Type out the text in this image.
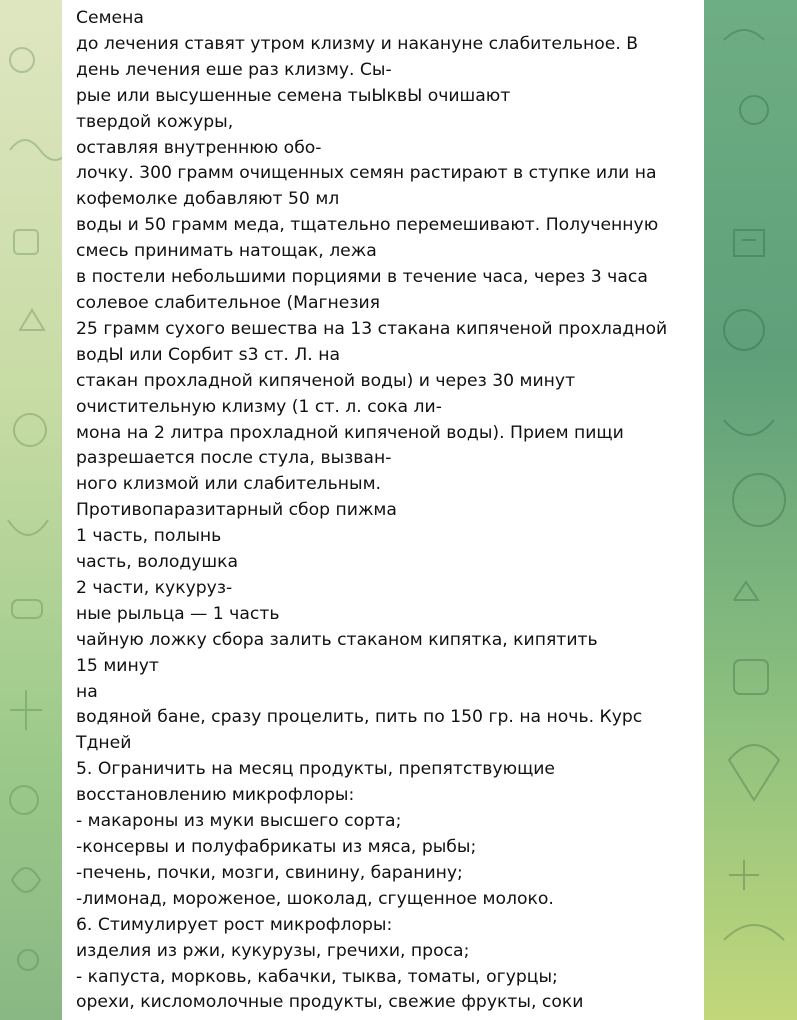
Семена
до лечения ставят утром клизму и накануне слабительное. В
день лечения еше раз клизму. Сы-
рые или высушенные семена тыЫквЫ очишают
твердой кожуры,
оставляя внутреннюю обо-
лочку. 300 грамм очищенных семян растирают в ступке или на
кофемолке добавляют 50 мл
воды и 50 грамм меда, тщательно перемешивают. Полученную
смесь принимать натощак, лежа
в постели небольшими порциями в течение часа, через 3 часа
солевое слабительное (Магнезия
25 грамм сухого вешества на 13 стакана кипяченой прохладной
водЫ или Сорбит s3 ст. Л. на
стакан прохладной кипяченой воды) и через 30 минут
очистительную клизму (1 ст. л. сока ли-
мона на 2 литра прохладной кипяченой воды). Прием пищи
разрешается после стула, вызван-
ного клизмой или слабительным.
Противопаразитарный сбор пижма
1 часть, полынь
часть, володушка
2 части, кукуруз-
ные рыльца — 1 часть
чайную ложку сбора залить стаканом кипятка, кипятить
15 минут
на
водяной бане, сразу процелить, пить по 150 гр. на ночь. Курс
Тдней
5. Ограничить на месяц продукты, препятствующие
восстановлению микрофлоры:
- макароны из муки высшего сорта;
-консервы и полуфабрикаты из мяса, рыбы;
-печень, почки, мозги, свинину, баранину;
-лимонад, мороженое, шоколад, сгущенное молоко.
6. Стимулирует рост микрофлоры:
изделия из ржи, кукурузы, гречихи, проса;
- капуста, морковь, кабачки, тыква, томаты, огурцы;
орехи, кисломолочные продукты, свежие фрукты, соки
